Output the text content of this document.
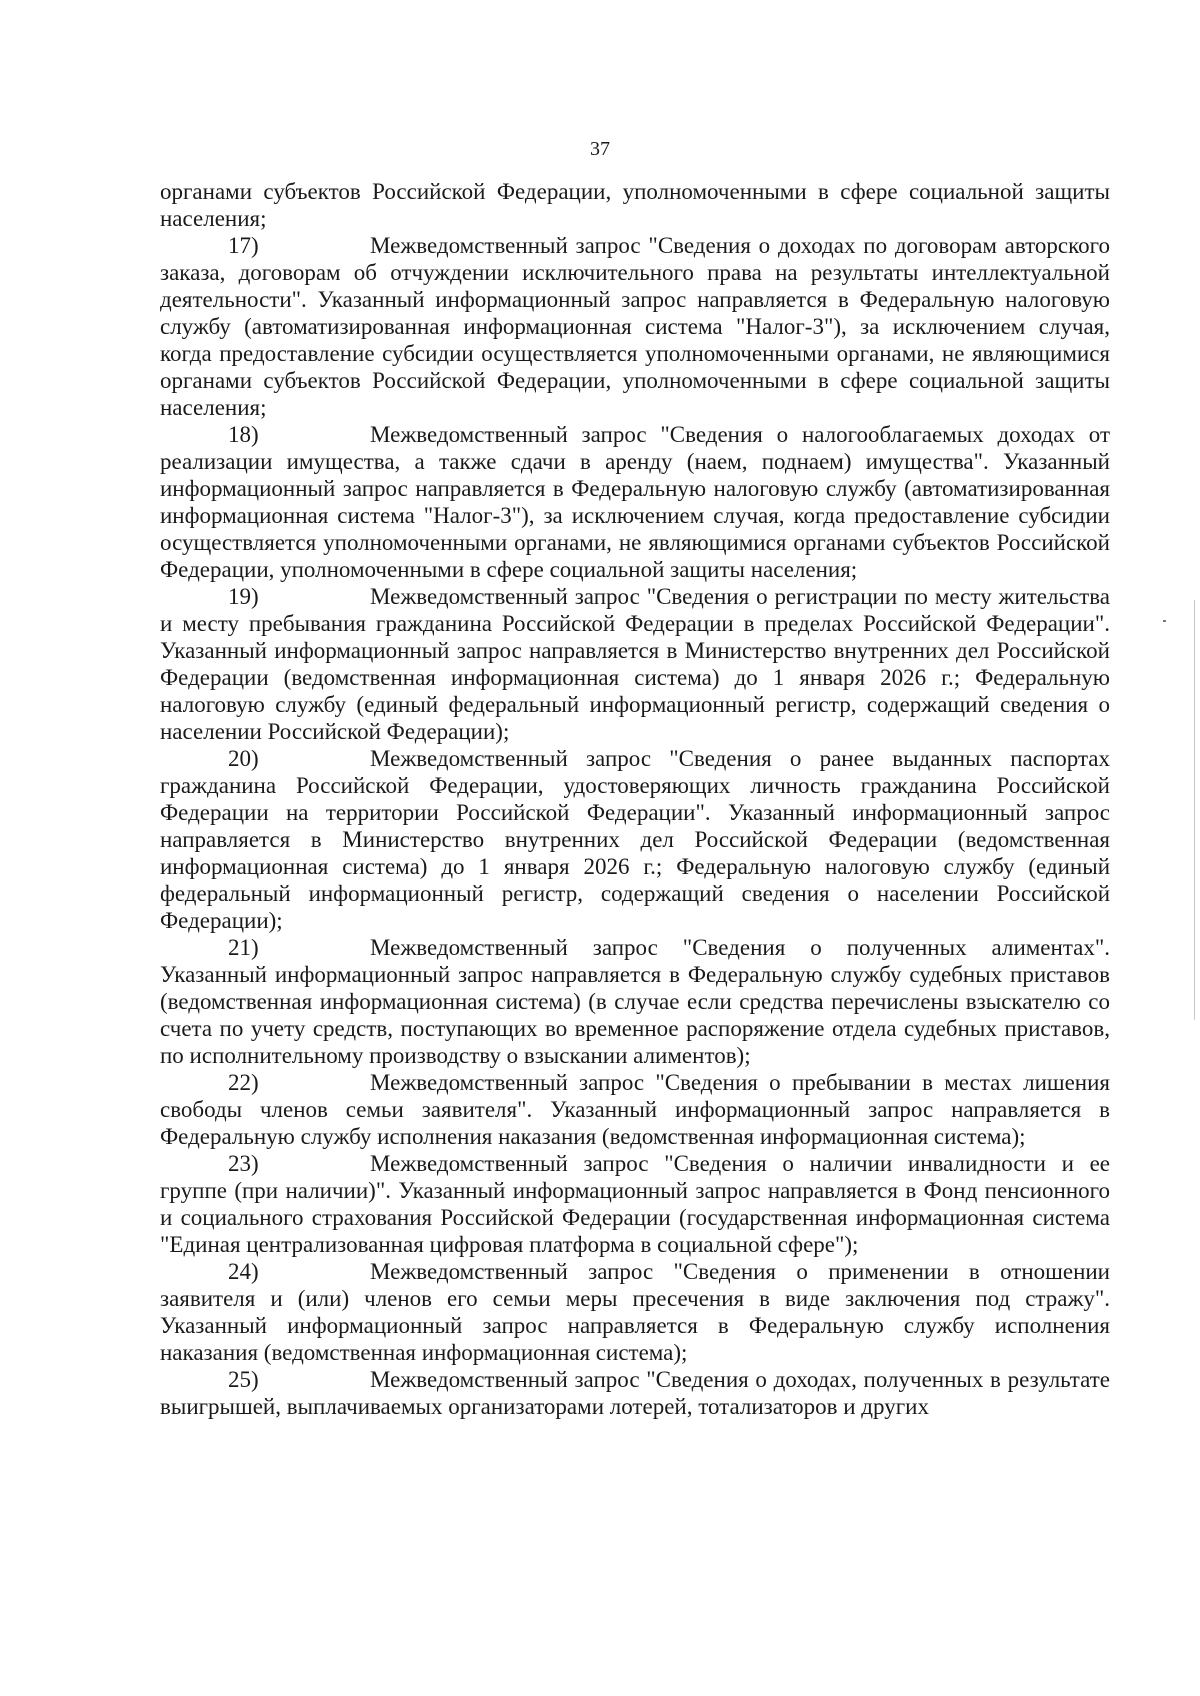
37

органами субъектов Российской Федерации, уполномоченными в сфере социальной защиты населения;

17)	Межведомственный запрос "Сведения о доходах по договорам авторского заказа, договорам об отчуждении исключительного права на результаты интеллектуальной деятельности". Указанный информационный запрос направляется в Федеральную налоговую службу (автоматизированная информационная система "Налог-3"), за исключением случая, когда предоставление субсидии осуществляется уполномоченными органами, не являющимися органами субъектов Российской Федерации, уполномоченными в сфере социальной защиты населения;

18)	Межведомственный запрос "Сведения о налогооблагаемых доходах от реализации имущества, а также сдачи в аренду (наем, поднаем) имущества". Указанный информационный запрос направляется в Федеральную налоговую службу (автоматизированная информационная система "Налог-3"), за исключением случая, когда предоставление субсидии осуществляется уполномоченными органами, не являющимися органами субъектов Российской Федерации, уполномоченными в сфере социальной защиты населения;

19)	Межведомственный запрос "Сведения о регистрации по месту жительства и месту пребывания гражданина Российской Федерации в пределах Российской Федерации". Указанный информационный запрос направляется в Министерство внутренних дел Российской Федерации (ведомственная информационная система) до 1 января 2026 г.; Федеральную налоговую службу (единый федеральный информационный регистр, содержащий сведения о населении Российской Федерации);

20)	Межведомственный запрос "Сведения о ранее выданных паспортах гражданина Российской Федерации, удостоверяющих личность гражданина Российской Федерации на территории Российской Федерации". Указанный информационный запрос направляется в Министерство внутренних дел Российской Федерации (ведомственная информационная система) до 1 января 2026 г.; Федеральную налоговую службу (единый федеральный информационный регистр, содержащий сведения о населении Российской Федерации);

21)	Межведомственный запрос "Сведения о полученных алиментах". Указанный информационный запрос направляется в Федеральную службу судебных приставов (ведомственная информационная система) (в случае если средства перечислены взыскателю со счета по учету средств, поступающих во временное распоряжение отдела судебных приставов, по исполнительному производству о взыскании алиментов);

22)	Межведомственный запрос "Сведения о пребывании в местах лишения свободы членов семьи заявителя". Указанный информационный запрос направляется в Федеральную службу исполнения наказания (ведомственная информационная система);

23)	Межведомственный запрос "Сведения о наличии инвалидности и ее группе (при наличии)". Указанный информационный запрос направляется в Фонд пенсионного и социального страхования Российской Федерации (государственная информационная система "Единая централизованная цифровая платформа в социальной сфере");

24)	Межведомственный запрос "Сведения о применении в отношении заявителя и (или) членов его семьи меры пресечения в виде заключения под стражу". Указанный информационный запрос направляется в Федеральную службу исполнения наказания (ведомственная информационная система);

25)	Межведомственный запрос "Сведения о доходах, полученных в результате выигрышей, выплачиваемых организаторами лотерей, тотализаторов и других
